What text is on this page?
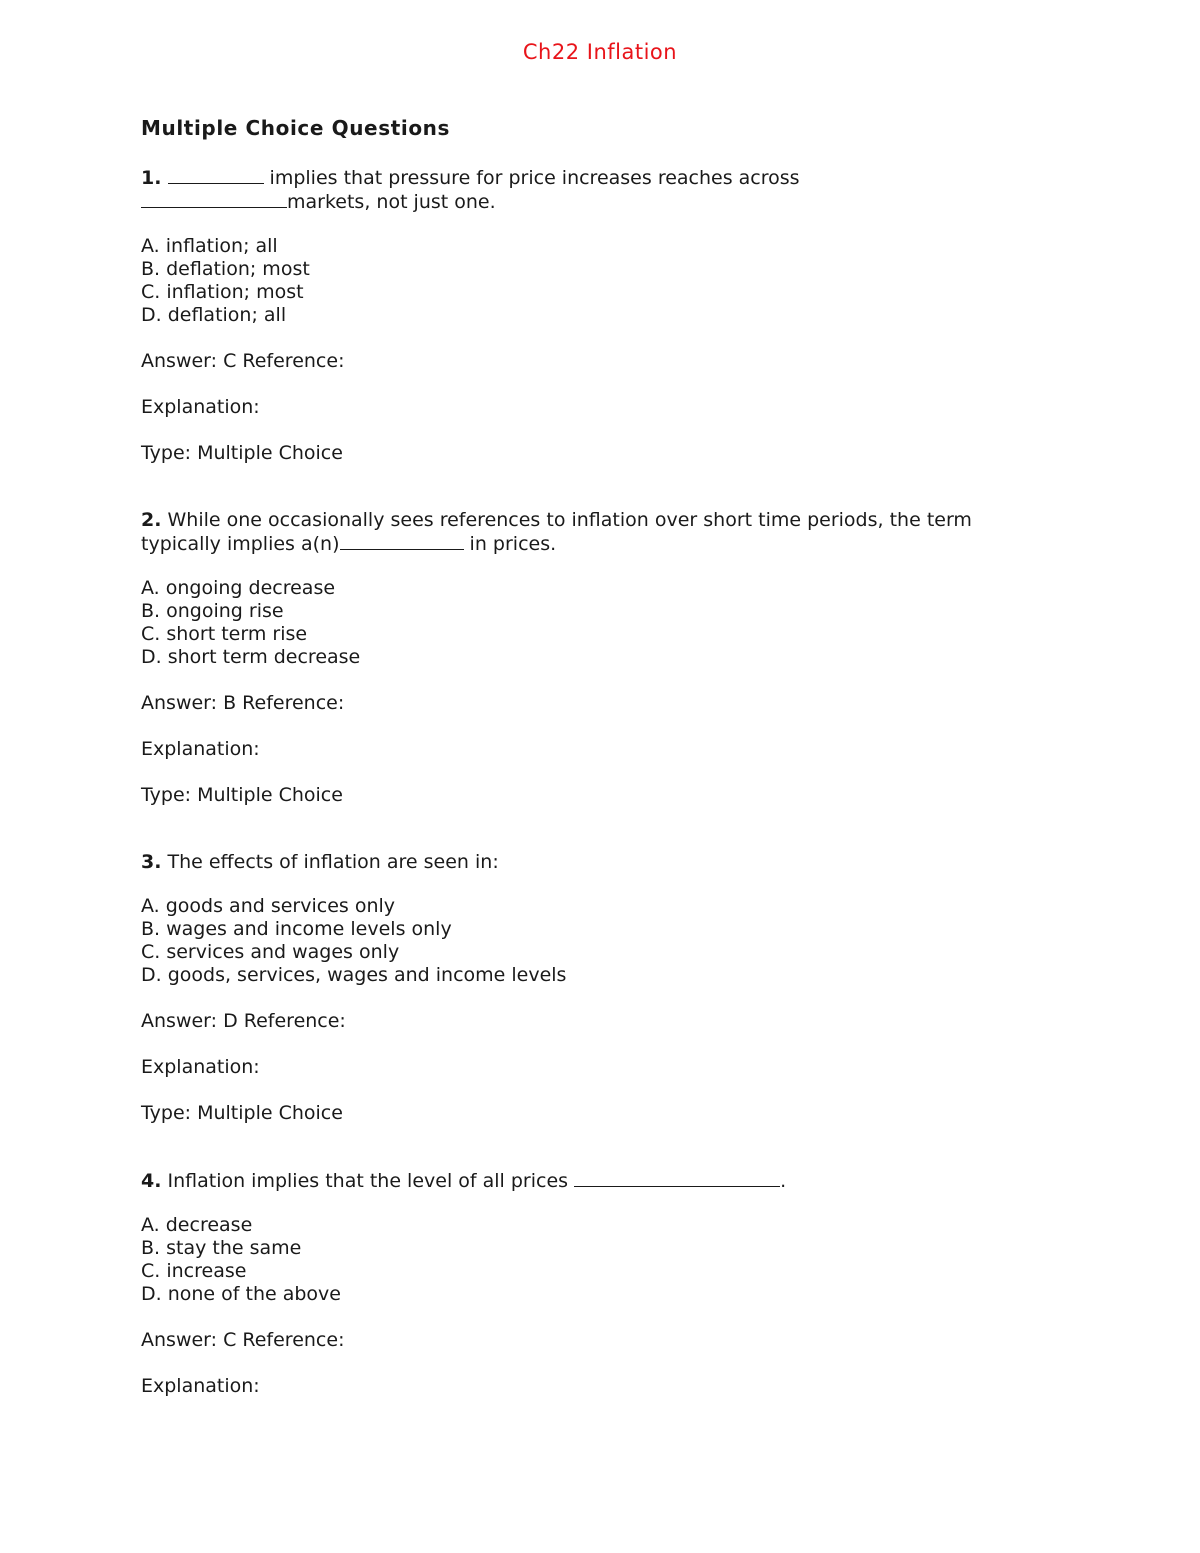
Ch22 Inflation
Multiple Choice Questions
1.	implies that pressure for price increases reaches across
markets, not just one.
A. inflation; all
B. deflation; most
C. inflation; most
D. deflation; all
Answer: C Reference:
Explanation:
Type: Multiple Choice
2. While one occasionally sees references to inflation over short time periods, the term
typically implies a(n)	in prices.
A. ongoing decrease
B. ongoing rise
C. short term rise
D. short term decrease
Answer: B Reference:
Explanation:
Type: Multiple Choice
3. The effects of inflation are seen in:
A. goods and services only
B. wages and income levels only
C. services and wages only
D. goods, services, wages and income levels
Answer: D Reference:
Explanation:
Type: Multiple Choice
4. Inflation implies that the level of all prices	.
A. decrease
B. stay the same
C. increase
D. none of the above
Answer: C Reference:
Explanation:
